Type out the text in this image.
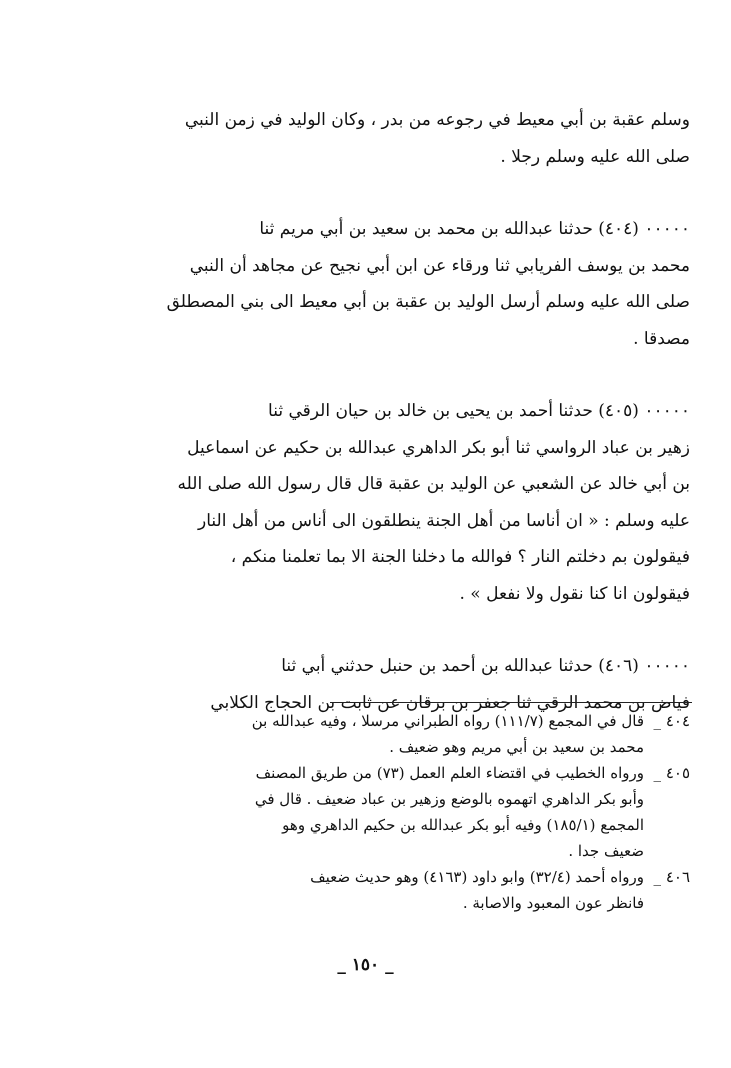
وسلم عقبة بن أبي معيط في رجوعه من بدر ، وكان الوليد في زمن النبي
صلى الله عليه وسلم رجلا .
٠٠٠٠٠ (٤٠٤) حدثنا عبدالله بن محمد بن سعيد بن أبي مريم ثنا
محمد بن يوسف الفريابي ثنا ورقاء عن ابن أبي نجيح عن مجاهد أن النبي
صلى الله عليه وسلم أرسل الوليد بن عقبة بن أبي معيط الى بني المصطلق
مصدقا .
٠٠٠٠٠ (٤٠٥) حدثنا أحمد بن يحيى بن خالد بن حيان الرقي ثنا
زهير بن عباد الرواسي ثنا أبو بكر الداهري عبدالله بن حكيم عن اسماعيل
بن أبي خالد عن الشعبي عن الوليد بن عقبة قال قال رسول الله صلى الله
عليه وسلم : « ان أناسا من أهل الجنة ينطلقون الى أناس من أهل النار
فيقولون بم دخلتم النار ؟ فوالله ما دخلنا الجنة الا بما تعلمنا منكم ،
فيقولون انا كنا نقول ولا نفعل » .
٠٠٠٠٠ (٤٠٦) حدثنا عبدالله بن أحمد بن حنبل حدثني أبي ثنا
فياض بن محمد الرقي ثنا جعفر بن برقان عن ثابت بن الحجاج الكلابي
٤٠٤ _
قال في المجمع (١١١/٧) رواه الطبراني مرسلا ، وفيه عبدالله بن
محمد بن سعيد بن أبي مريم وهو ضعيف .
٤٠٥ _
ورواه الخطيب في اقتضاء العلم العمل (٧٣) من طريق المصنف
وأبو بكر الداهري اتهموه بالوضع وزهير بن عباد ضعيف . قال في
المجمع (١٨٥/١) وفيه أبو بكر عبدالله بن حكيم الداهري وهو
ضعيف جدا .
٤٠٦ _
ورواه أحمد (٣٢/٤) وابو داود (٤١٦٣) وهو حديث ضعيف
فانظر عون المعبود والاصابة .
_ ١٥٠ _
